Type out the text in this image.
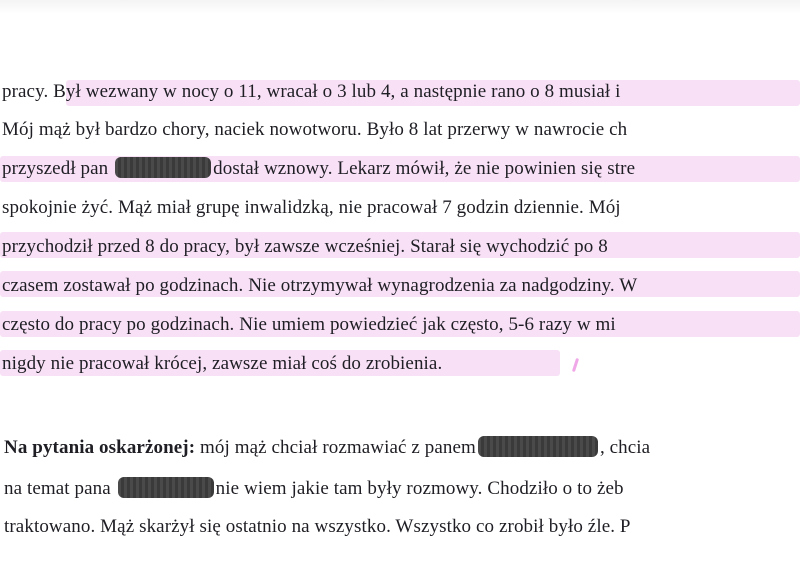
pracy. Był wezwany w nocy o 11, wracał o 3 lub 4, a następnie rano o 8 musiał i
Mój mąż był bardzo chory, naciek nowotworu. Było 8 lat przerwy w nawrocie ch
przyszedł pan	dostał wznowy. Lekarz mówił, że nie powinien się stre
spokojnie żyć. Mąż miał grupę inwalidzką, nie pracował 7 godzin dziennie. Mój
przychodził przed 8 do pracy, był zawsze wcześniej. Starał się wychodzić po 8
czasem zostawał po godzinach. Nie otrzymywał wynagrodzenia za nadgodziny. W
często do pracy po godzinach. Nie umiem powiedzieć jak często, 5-6 razy w mi
nigdy nie pracował krócej, zawsze miał coś do zrobienia.
Na pytania oskarżonej: mój mąż chciał rozmawiać z panem	, chcia
na temat pana	nie wiem jakie tam były rozmowy. Chodziło o to żeb
traktowano. Mąż skarżył się ostatnio na wszystko. Wszystko co zrobił było źle. P
